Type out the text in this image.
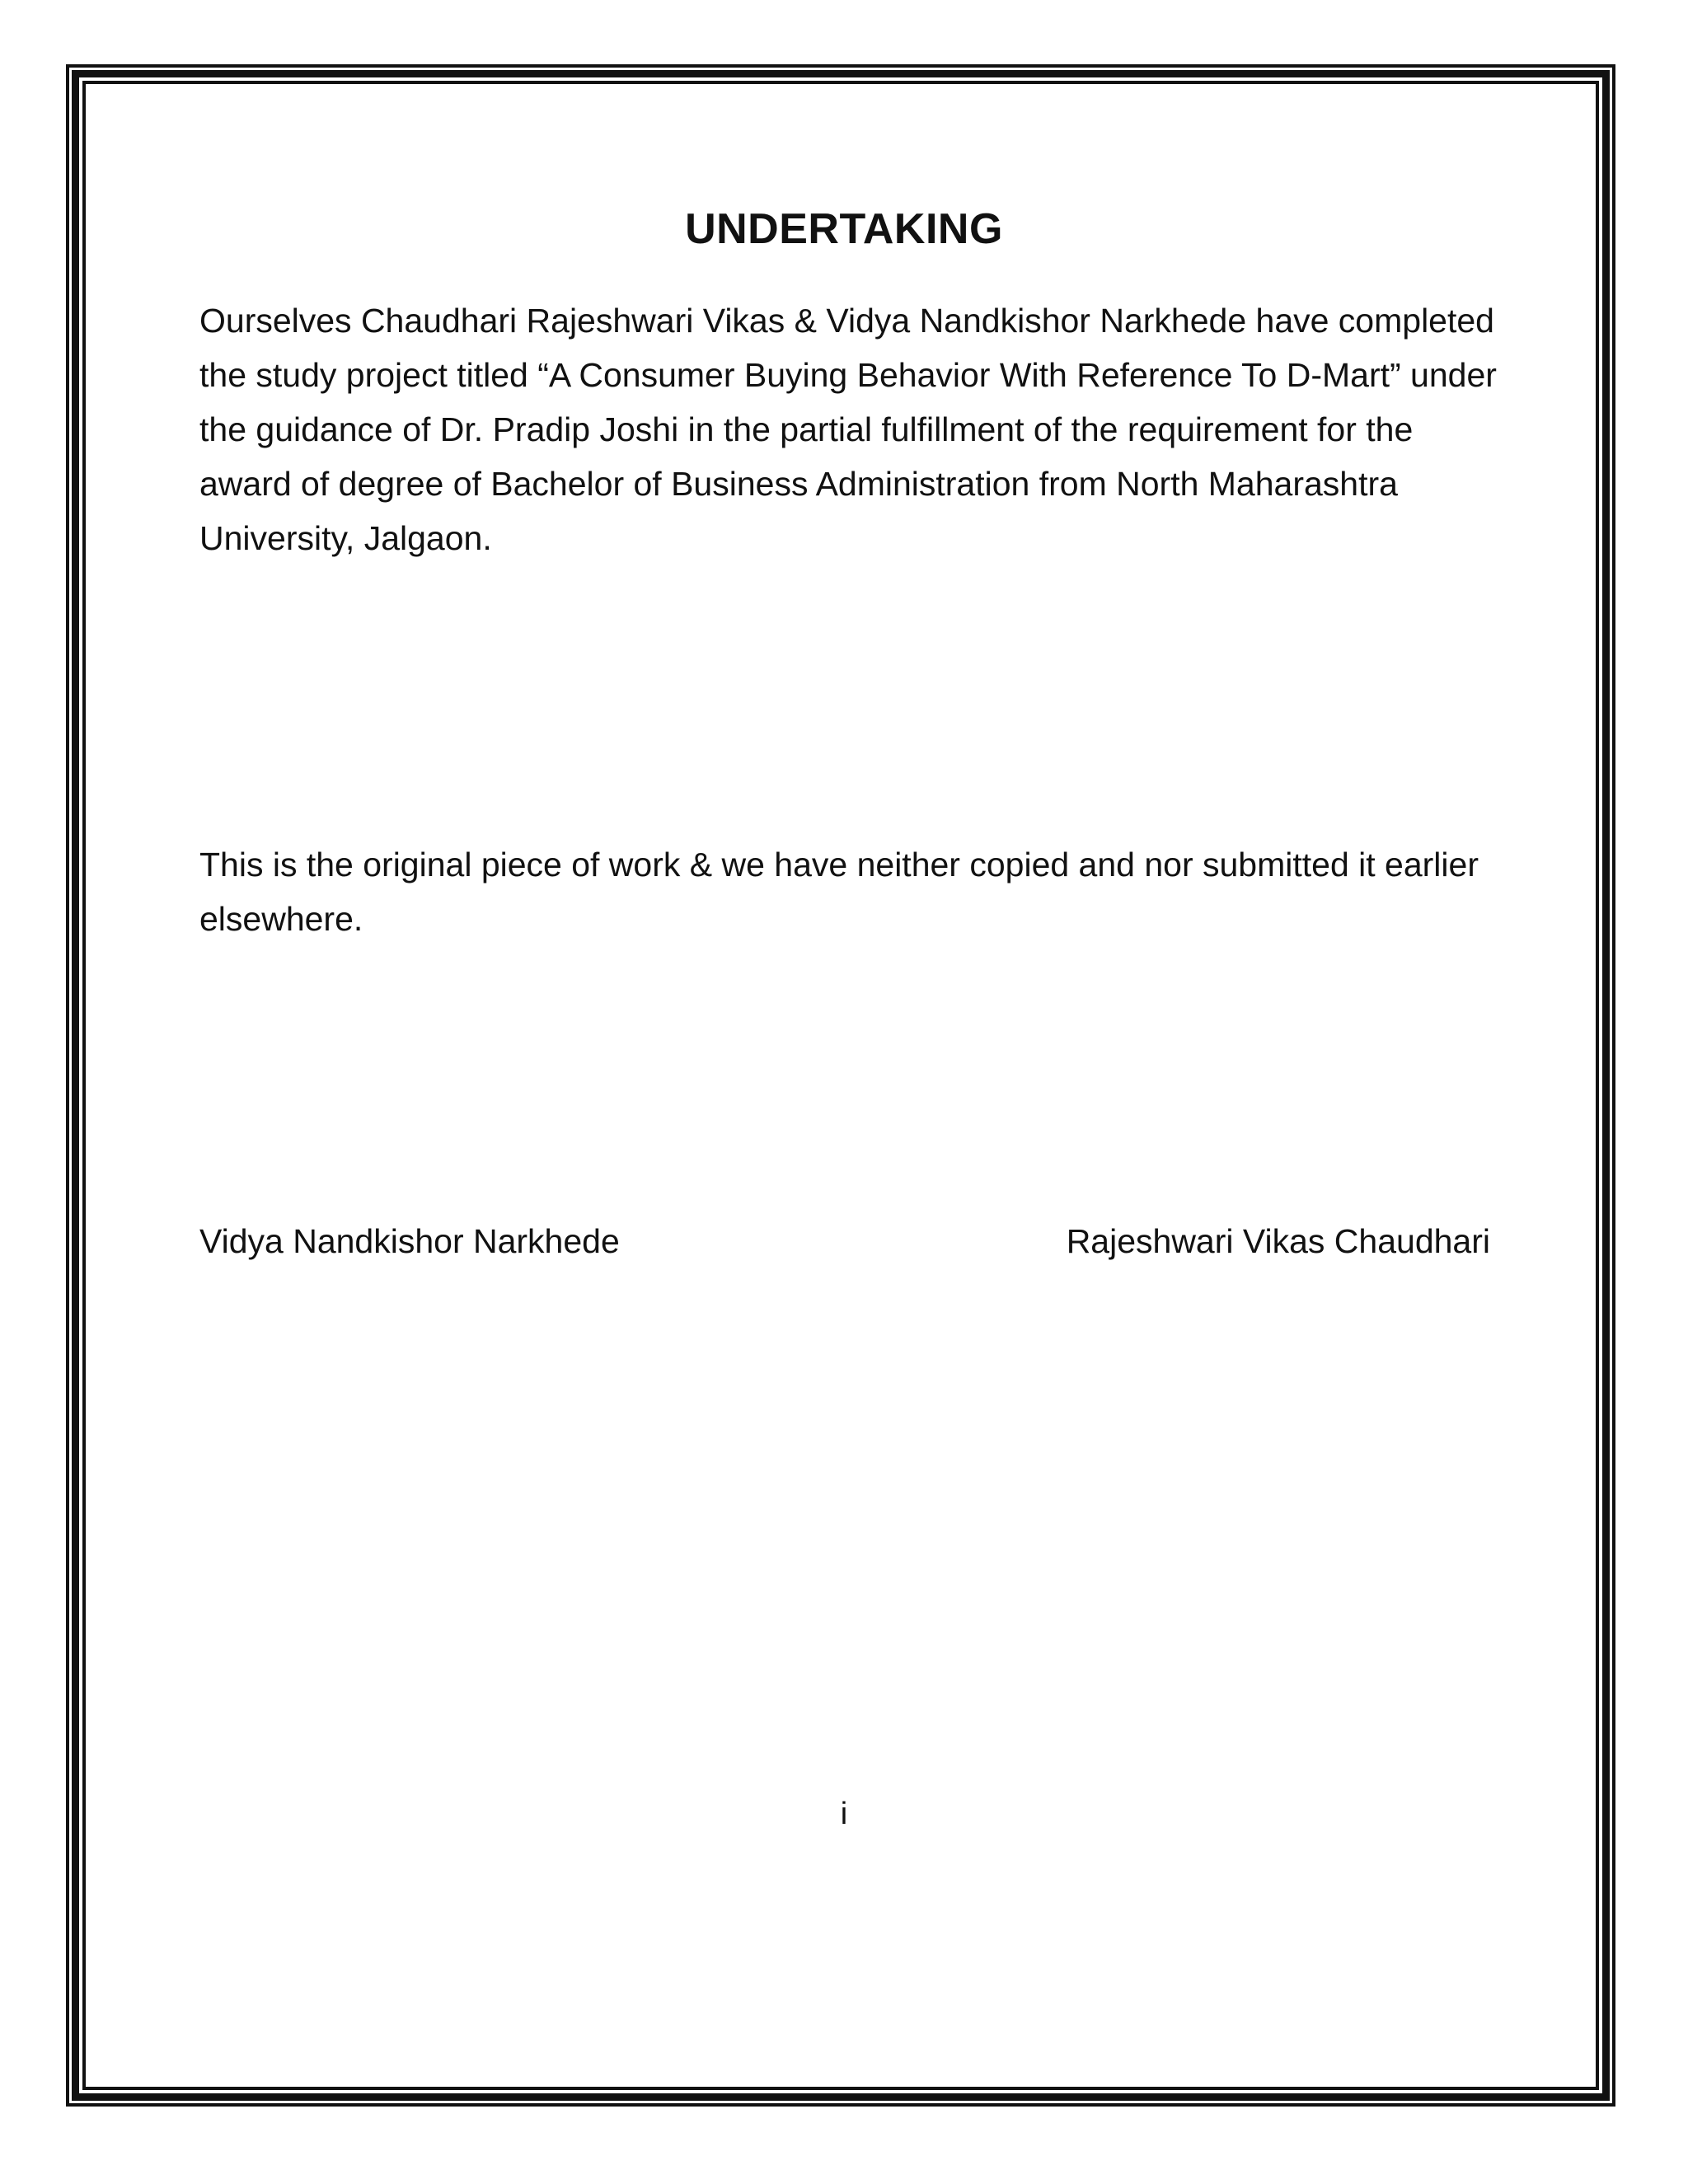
UNDERTAKING

Ourselves Chaudhari Rajeshwari Vikas & Vidya Nandkishor Narkhede have completed the study project titled “A Consumer Buying Behavior With Reference To D-Mart” under the guidance of Dr. Pradip Joshi in the partial fulfillment of the requirement for the award of degree of Bachelor of Business Administration from North Maharashtra University, Jalgaon.

This is the original piece of work & we have neither copied and nor submitted it earlier elsewhere.

Vidya Nandkishor Narkhede	Rajeshwari Vikas Chaudhari
i
